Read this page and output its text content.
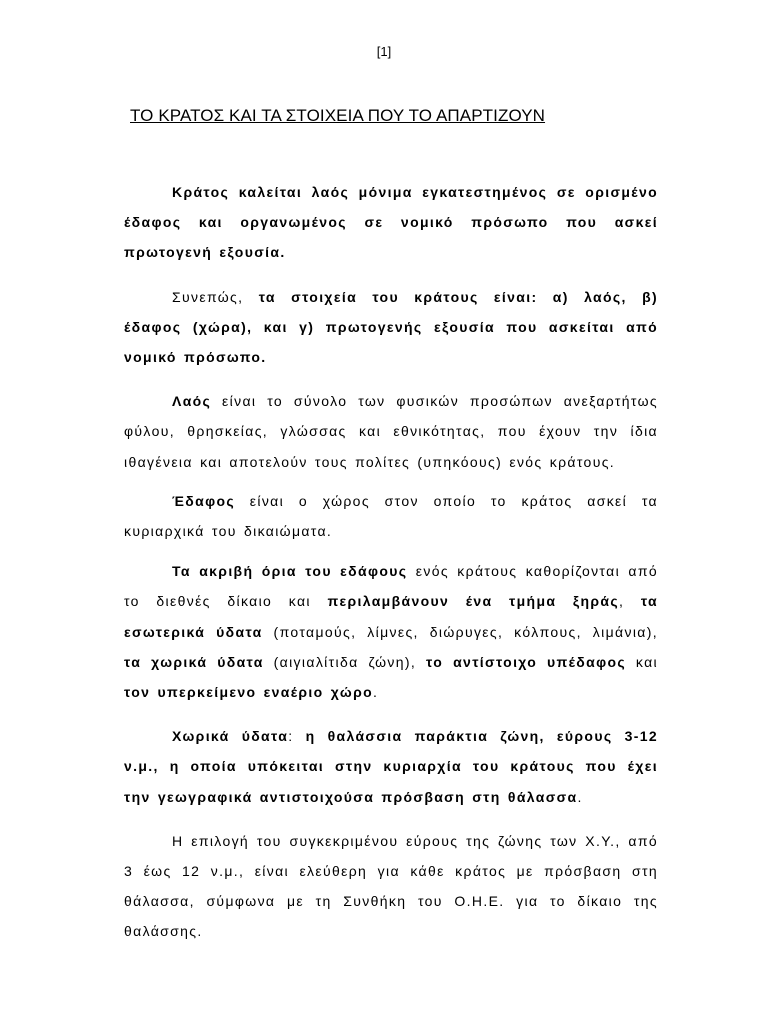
[1]
ΤΟ ΚΡΑΤΟΣ ΚΑΙ ΤΑ ΣΤΟΙΧΕΙΑ ΠΟΥ ΤΟ ΑΠΑΡΤΙΖΟΥΝ

Κράτος καλείται λαός μόνιμα εγκατεστημένος σε ορισμένο έδαφος και οργανωμένος σε νομικό πρόσωπο που ασκεί πρωτογενή εξουσία.

Συνεπώς, τα στοιχεία του κράτους είναι: α) λαός, β) έδαφος (χώρα), και γ) πρωτογενής εξουσία που ασκείται από νομικό πρόσωπο.

Λαός είναι το σύνολο των φυσικών προσώπων ανεξαρτήτως φύλου, θρησκείας, γλώσσας και εθνικότητας, που έχουν την ίδια ιθαγένεια και αποτελούν τους πολίτες (υπηκόους) ενός κράτους.

Έδαφος είναι ο χώρος στον οποίο το κράτος ασκεί τα κυριαρχικά του δικαιώματα.

Τα ακριβή όρια του εδάφους ενός κράτους καθορίζονται από το διεθνές δίκαιο και περιλαμβάνουν ένα τμήμα ξηράς, τα εσωτερικά ύδατα (ποταμούς, λίμνες, διώρυγες, κόλπους, λιμάνια), τα χωρικά ύδατα (αιγιαλίτιδα ζώνη), το αντίστοιχο υπέδαφος και τον υπερκείμενο εναέριο χώρο.

Χωρικά ύδατα: η θαλάσσια παράκτια ζώνη, εύρους 3-12 ν.μ., η οποία υπόκειται στην κυριαρχία του κράτους που έχει την γεωγραφικά αντιστοιχούσα πρόσβαση στη θάλασσα.

Η επιλογή του συγκεκριμένου εύρους της ζώνης των Χ.Υ., από 3 έως 12 ν.μ., είναι ελεύθερη για κάθε κράτος με πρόσβαση στη θάλασσα, σύμφωνα με τη Συνθήκη του Ο.Η.Ε. για το δίκαιο της θαλάσσης.
